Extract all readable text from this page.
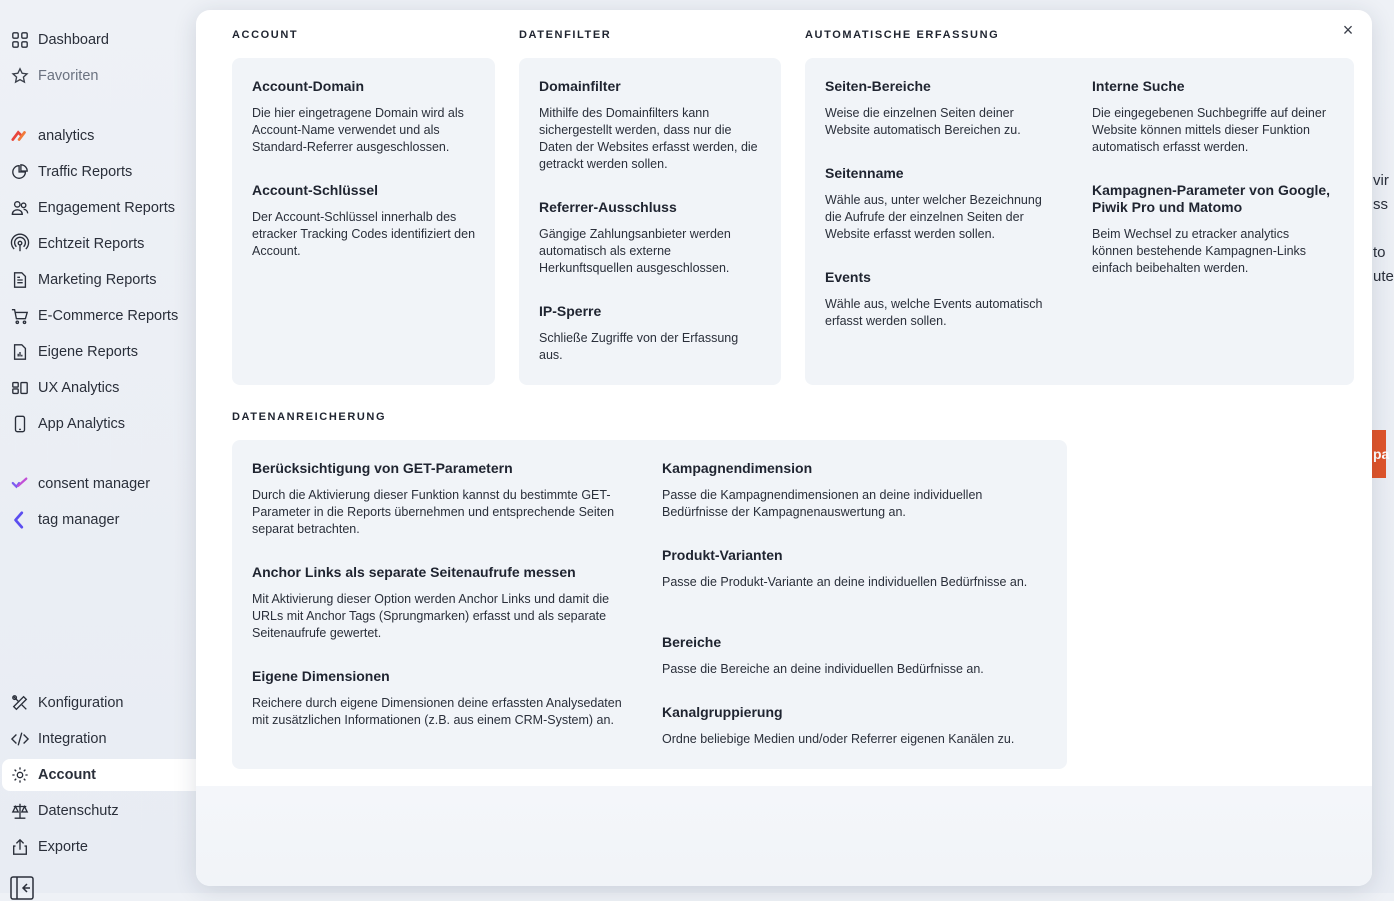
Dashboard
Favoriten
analytics
Traffic Reports
Engagement Reports
Echtzeit Reports
Marketing Reports
E-Commerce Reports
Eigene Reports
UX Analytics
App Analytics
consent manager
tag manager
Konfiguration
Integration
Account
Datenschutz
Exporte
vir
ss
to
ute
pa
×
ACCOUNT
Account-Domain

Die hier eingetragene Domain wird als Account-Name verwendet und als Standard-Referrer ausgeschlossen.

Account-Schlüssel

Der Account-Schlüssel innerhalb des etracker Tracking Codes identifiziert den Account.

DATENFILTER
Domainfilter

Mithilfe des Domainfilters kann sichergestellt werden, dass nur die Daten der Websites erfasst werden, die getrackt werden sollen.

Referrer-Ausschluss

Gängige Zahlungsanbieter werden automatisch als externe Herkunftsquellen ausgeschlossen.

IP-Sperre

Schließe Zugriffe von der Erfassung aus.

AUTOMATISCHE ERFASSUNG
Seiten-Bereiche

Weise die einzelnen Seiten deiner Website automatisch Bereichen zu.

Seitenname

Wähle aus, unter welcher Bezeichnung die Aufrufe der einzelnen Seiten der Website erfasst werden sollen.

Events

Wähle aus, welche Events automatisch erfasst werden sollen.

Interne Suche

Die eingegebenen Suchbegriffe auf deiner Website können mittels dieser Funktion automatisch erfasst werden.

Kampagnen-Parameter von Google, Piwik Pro und Matomo

Beim Wechsel zu etracker analytics können bestehende Kampagnen-Links einfach beibehalten werden.

DATENANREICHERUNG
Berücksichtigung von GET-Parametern

Durch die Aktivierung dieser Funktion kannst du bestimmte GET-Parameter in die Reports übernehmen und entsprechende Seiten separat betrachten.

Anchor Links als separate Seitenaufrufe messen

Mit Aktivierung dieser Option werden Anchor Links und damit die URLs mit Anchor Tags (Sprungmarken) erfasst und als separate Seitenaufrufe gewertet.

Eigene Dimensionen

Reichere durch eigene Dimensionen deine erfassten Analysedaten mit zusätzlichen Informationen (z.B. aus einem CRM-System) an.

Kampagnendimension

Passe die Kampagnendimensionen an deine individuellen Bedürfnisse der Kampagnenauswertung an.

Produkt-Varianten

Passe die Produkt-Variante an deine individuellen Bedürfnisse an.

Bereiche

Passe die Bereiche an deine individuellen Bedürfnisse an.

Kanalgruppierung

Ordne beliebige Medien und/oder Referrer eigenen Kanälen zu.
